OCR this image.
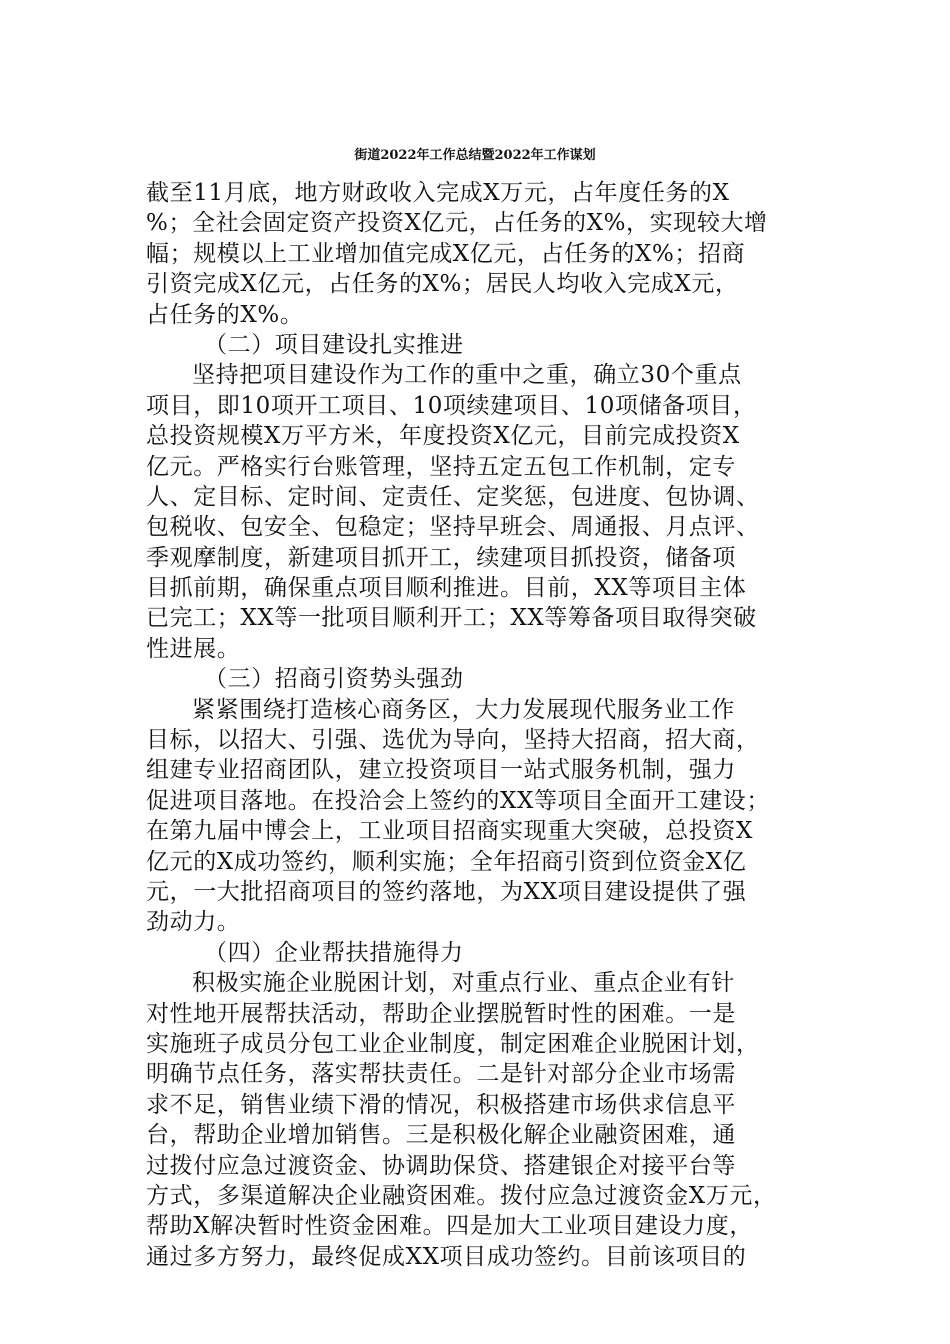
街道2022年工作总结暨2022年工作谋划
截至11月底，地方财政收入完成X万元，占年度任务的X
%；全社会固定资产投资X亿元，占任务的X%，实现较大增
幅；规模以上工业增加值完成X亿元，占任务的X%；招商
引资完成X亿元，占任务的X%；居民人均收入完成X元，
占任务的X%。
（二）项目建设扎实推进
坚持把项目建设作为工作的重中之重，确立30个重点
项目，即10项开工项目、10项续建项目、10项储备项目，
总投资规模X万平方米，年度投资X亿元，目前完成投资X
亿元。严格实行台账管理，坚持五定五包工作机制，定专
人、定目标、定时间、定责任、定奖惩，包进度、包协调、
包税收、包安全、包稳定；坚持早班会、周通报、月点评、
季观摩制度，新建项目抓开工，续建项目抓投资，储备项
目抓前期，确保重点项目顺利推进。目前，XX等项目主体
已完工；XX等一批项目顺利开工；XX等筹备项目取得突破
性进展。
（三）招商引资势头强劲
紧紧围绕打造核心商务区，大力发展现代服务业工作
目标，以招大、引强、选优为导向，坚持大招商，招大商，
组建专业招商团队，建立投资项目一站式服务机制，强力
促进项目落地。在投洽会上签约的XX等项目全面开工建设；
在第九届中博会上，工业项目招商实现重大突破，总投资X
亿元的X成功签约，顺利实施；全年招商引资到位资金X亿
元，一大批招商项目的签约落地，为XX项目建设提供了强
劲动力。
（四）企业帮扶措施得力
积极实施企业脱困计划，对重点行业、重点企业有针
对性地开展帮扶活动，帮助企业摆脱暂时性的困难。一是
实施班子成员分包工业企业制度，制定困难企业脱困计划，
明确节点任务，落实帮扶责任。二是针对部分企业市场需
求不足，销售业绩下滑的情况，积极搭建市场供求信息平
台，帮助企业增加销售。三是积极化解企业融资困难，通
过拨付应急过渡资金、协调助保贷、搭建银企对接平台等
方式，多渠道解决企业融资困难。拨付应急过渡资金X万元，
帮助X解决暂时性资金困难。四是加大工业项目建设力度，
通过多方努力，最终促成XX项目成功签约。目前该项目的
